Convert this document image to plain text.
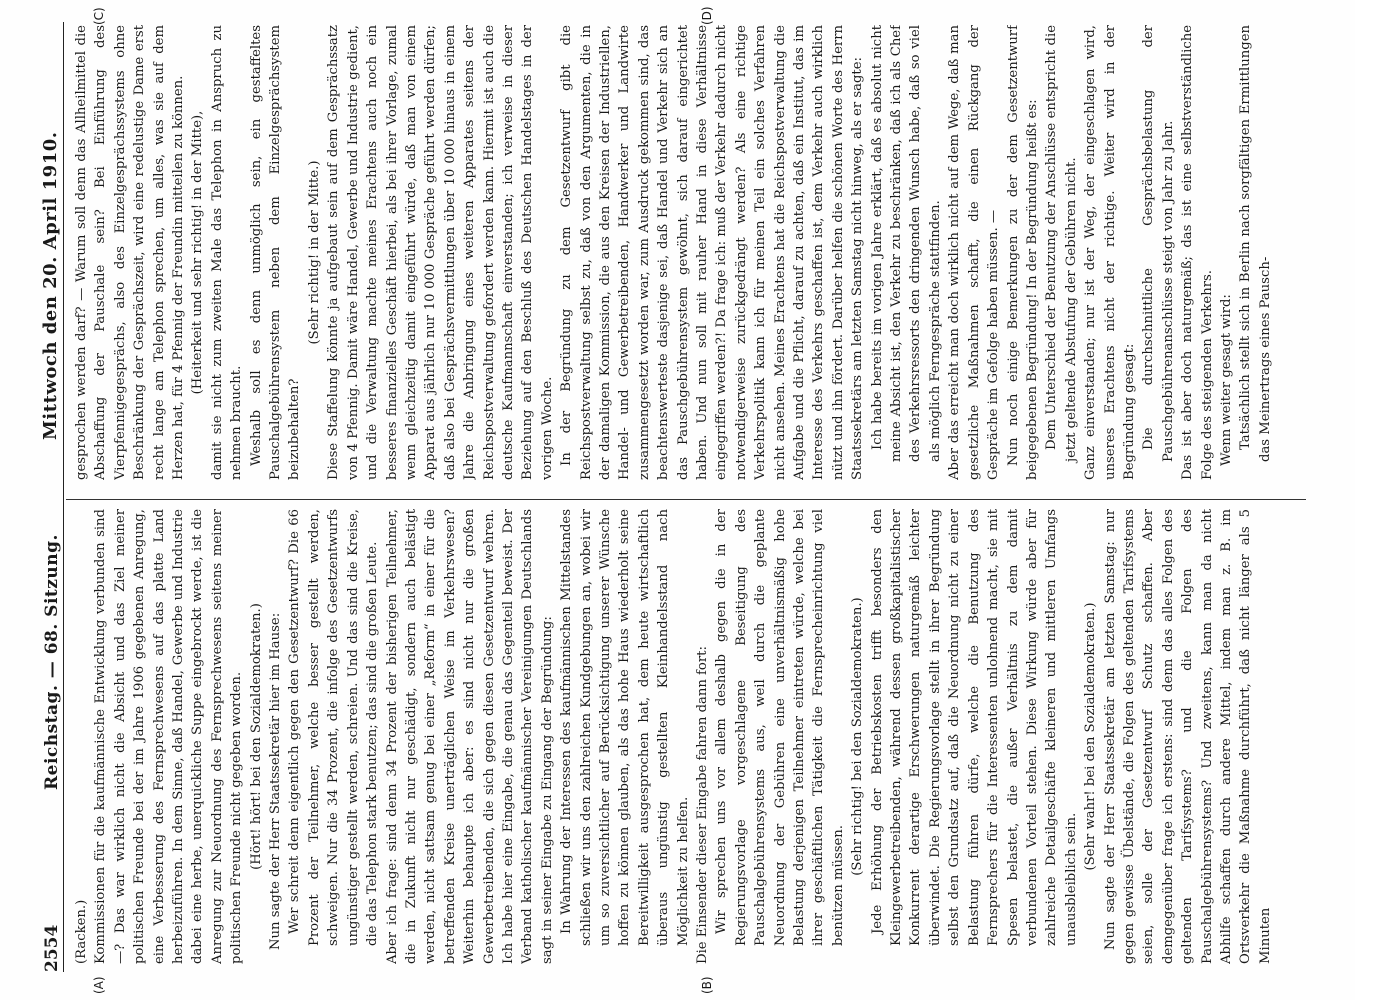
2554
Reichstag. — 68. Sitzung.
Mittwoch den 20. April 1910.
(A)	(B)
(C)	(D)

(Racken.) Kommissionen für die kaufmännische Entwicklung verbunden sind —? Das war wirklich nicht die Absicht und das Ziel meiner politischen Freunde bei der im Jahre 1906 gegebenen Anregung, eine Verbesserung des Fernsprechwesens auf das platte Land herbeizuführen. In dem Sinne, daß Handel, Gewerbe und Industrie dabei eine herbe, unerquickliche Suppe eingebrockt werde, ist die Anregung zur Neuordnung des Fernsprechwesens seitens meiner politischen Freunde nicht gegeben worden. (Hört! hört! bei den Sozialdemokraten.) Nun sagte der Herr Staatssekretär hier im Hause: Wer schreit denn eigentlich gegen den Gesetzentwurf? Die 66 Prozent der Teilnehmer, welche besser gestellt werden, schweigen. Nur die 34 Prozent, die infolge des Gesetzentwurfs ungünstiger gestellt werden, schreien. Und das sind die Kreise, die das Telephon stark benutzen; das sind die großen Leute. Aber ich frage: sind denn 34 Prozent der bisherigen Teilnehmer, die in Zukunft nicht nur geschädigt, sondern auch belästigt werden, nicht sattsam genug bei einer „Reform“ in einer für die betreffenden Kreise unerträglichen Weise im Verkehrswesen? Weiterhin behaupte ich aber: es sind nicht nur die großen Gewerbetreibenden, die sich gegen diesen Gesetzentwurf wehren. Ich habe hier eine Eingabe, die genau das Gegenteil beweist. Der Verband katholischer kaufmännischer Vereinigungen Deutschlands sagt in seiner Eingabe zu Eingang der Begründung: In Wahrung der Interessen des kaufmännischen Mittelstandes schließen wir uns den zahlreichen Kundgebungen an, wobei wir um so zuversichtlicher auf Berücksichtigung unserer Wünsche hoffen zu können glauben, als das hohe Haus wiederholt seine Bereitwilligkeit ausgesprochen hat, dem heute wirtschaftlich überaus ungünstig gestellten Kleinhandelsstand nach Möglichkeit zu helfen. Die Einsender dieser Eingabe fahren dann fort: Wir sprechen uns vor allem deshalb gegen die in der Regierungsvorlage vorgeschlagene Beseitigung des Pauschalgebührensystems aus, weil durch die geplante Neuordnung der Gebühren eine unverhältnismäßig hohe Belastung derjenigen Teilnehmer eintreten würde, welche bei ihrer geschäftlichen Tätigkeit die Fernsprecheinrichtung viel benützen müssen.

(Sehr richtig! bei den Sozialdemokraten.) Jede Erhöhung der Betriebskosten trifft besonders den Kleingewerbetreibenden, während dessen großkapitalistischer Konkurrent derartige Erschwerungen naturgemäß leichter überwindet. Die Regierungsvorlage stellt in ihrer Begründung selbst den Grundsatz auf, daß die Neuordnung nicht zu einer Belastung führen dürfe, welche die Benutzung des Fernsprechers für die Interessenten unlohnend macht, sie mit Spesen belastet, die außer Verhältnis zu dem damit verbundenen Vorteil stehen. Diese Wirkung würde aber für zahlreiche Detailgeschäfte kleineren und mittleren Umfangs unausbleiblich sein.

(Sehr wahr! bei den Sozialdemokraten.) Nun sagte der Herr Staatssekretär am letzten Samstag: nur gegen gewisse Übelstände, die Folgen des geltenden Tarifsystems seien, solle der Gesetzentwurf Schutz schaffen. Aber demgegenüber frage ich erstens: sind denn das alles Folgen des geltenden Tarifsystems? und die Folgen des Pauschalgebührensystems? Und zweitens, kann man da nicht Abhilfe schaffen durch andere Mittel, indem man z. B. im Ortsverkehr die Maßnahme durchführt, daß nicht länger als 5 Minuten

gesprochen werden darf? — Warum soll denn das Allheilmittel die Abschaffung der Pauschale sein? Bei Einführung des Vierpfennigegesprächs, also des Einzelgesprächssystems ohne Beschränkung der Gesprächszeit, wird eine redelustige Dame erst recht lange am Telephon sprechen, um alles, was sie auf dem Herzen hat, für 4 Pfennig der Freundin mitteilen zu können. (Heiterkeit und sehr richtig! in der Mitte), damit sie nicht zum zweiten Male das Telephon in Anspruch zu nehmen braucht. Weshalb soll es denn unmöglich sein, ein gestaffeltes Pauschalgebührensystem neben dem Einzelgesprächsystem beizubehalten?

(Sehr richtig! in der Mitte.) Diese Staffelung könnte ja aufgebaut sein auf dem Gesprächssatz von 4 Pfennig. Damit wäre Handel, Gewerbe und Industrie gedient, und die Verwaltung machte meines Erachtens auch noch ein besseres finanzielles Geschäft hierbei, als bei ihrer Vorlage, zumal wenn gleichzeitig damit eingeführt würde, daß man von einem Apparat aus jährlich nur 10 000 Gespräche geführt werden dürfen; daß also bei Gesprächsvermittlungen über 10 000 hinaus in einem Jahre die Anbringung eines weiteren Apparates seitens der Reichspostverwaltung gefordert werden kann. Hiermit ist auch die deutsche Kaufmannschaft einverstanden; ich verweise in dieser Beziehung auf den Beschluß des Deutschen Handelstages in der vorigen Woche. In der Begründung zu dem Gesetzentwurf gibt die Reichspostverwaltung selbst zu, daß von den Argumenten, die in der damaligen Kommission, die aus den Kreisen der Industriellen, Handel- und Gewerbetreibenden, Handwerker und Landwirte zusammengesetzt worden war, zum Ausdruck gekommen sind, das beachtenswerteste dasjenige sei, daß Handel und Verkehr sich an das Pauschgebührensystem gewöhnt, sich darauf eingerichtet haben. Und nun soll mit rauher Hand in diese Verhältnisse eingegriffen werden?! Da frage ich: muß der Verkehr dadurch nicht notwendigerweise zurückgedrängt werden? Als eine richtige Verkehrspolitik kann ich für meinen Teil ein solches Verfahren nicht ansehen. Meines Erachtens hat die Reichspostverwaltung die Aufgabe und die Pflicht, darauf zu achten, daß ein Institut, das im Interesse des Verkehrs geschaffen ist, dem Verkehr auch wirklich nützt und ihn fördert. Darüber helfen die schönen Worte des Herrn Staatssekretärs am letzten Samstag nicht hinweg, als er sagte: Ich habe bereits im vorigen Jahre erklärt, daß es absolut nicht meine Absicht ist, den Verkehr zu beschränken, daß ich als Chef des Verkehrsressorts den dringenden Wunsch habe, daß so viel als möglich Ferngespräche stattfinden. Aber das erreicht man doch wirklich nicht auf dem Wege, daß man gesetzliche Maßnahmen schafft, die einen Rückgang der Gespräche im Gefolge haben müssen. — Nun noch einige Bemerkungen zu der dem Gesetzentwurf beigegebenen Begründung! In der Begründung heißt es: Dem Unterschied der Benutzung der Anschlüsse entspricht die jetzt geltende Abstufung der Gebühren nicht. Ganz einverstanden; nur ist der Weg, der eingeschlagen wird, unseres Erachtens nicht der richtige. Weiter wird in der Begründung gesagt: Die durchschnittliche Gesprächsbelastung der Pauschgebührenanschlüsse steigt von Jahr zu Jahr. Das ist aber doch naturgemäß; das ist eine selbstverständliche Folge des steigenden Verkehrs. Wenn weiter gesagt wird: Tatsächlich stellt sich in Berlin nach sorgfältigen Ermittlungen das Meinertrags eines Pausch-
